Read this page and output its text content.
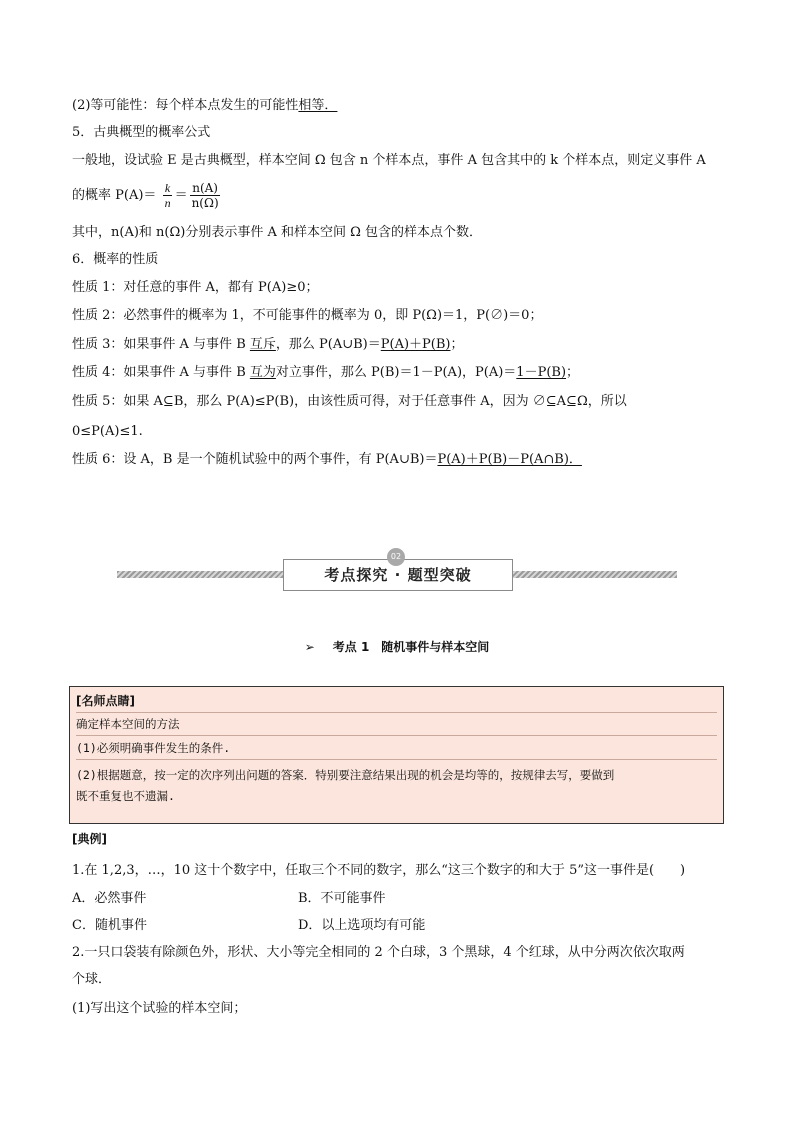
(2)等可能性：每个样本点发生的可能性相等．
5．古典概型的概率公式
一般地，设试验 E 是古典概型，样本空间 Ω 包含 n 个样本点，事件 A 包含其中的 k 个样本点，则定义事件 A
的概率 $P(A)= \frac{k}{n} = \frac{n(A)}{n(\Omega)}$
其中，n(A)和 n(Ω)分别表示事件 A 和样本空间 Ω 包含的样本点个数．
6．概率的性质
性质 1：对任意的事件 A，都有 P(A)≥0；
性质 2：必然事件的概率为 1，不可能事件的概率为 0，即 P(Ω)＝1，P(∅)＝0；
性质 3：如果事件 A 与事件 B 互斥，那么 P(A∪B)＝P(A)＋P(B)；
性质 4：如果事件 A 与事件 B 互为对立事件，那么 P(B)＝1－P(A)，P(A)＝1－P(B)；
性质 5：如果 A⊆B，那么 P(A)≤P(B)，由该性质可得，对于任意事件 A，因为 ∅⊆A⊆Ω，所以
0≤P(A)≤1.
性质 6：设 A，B 是一个随机试验中的两个事件，有 P(A∪B)＝P(A)＋P(B)－P(A∩B)．
考点探究 · 题型突破
02
➢ 考点 1　随机事件与样本空间
[名师点睛]
确定样本空间的方法
(1)必须明确事件发生的条件.
(2)根据题意，按一定的次序列出问题的答案．特别要注意结果出现的机会是均等的，按规律去写，要做到
既不重复也不遗漏.
[典例]
1.在 1,2,3，…，10 这十个数字中，任取三个不同的数字，那么“这三个数字的和大于 5”这一事件是(　　)
A．必然事件	B．不可能事件
C．随机事件	D．以上选项均有可能
2.一只口袋装有除颜色外，形状、大小等完全相同的 2 个白球，3 个黑球，4 个红球，从中分两次依次取两
个球．
(1)写出这个试验的样本空间；
